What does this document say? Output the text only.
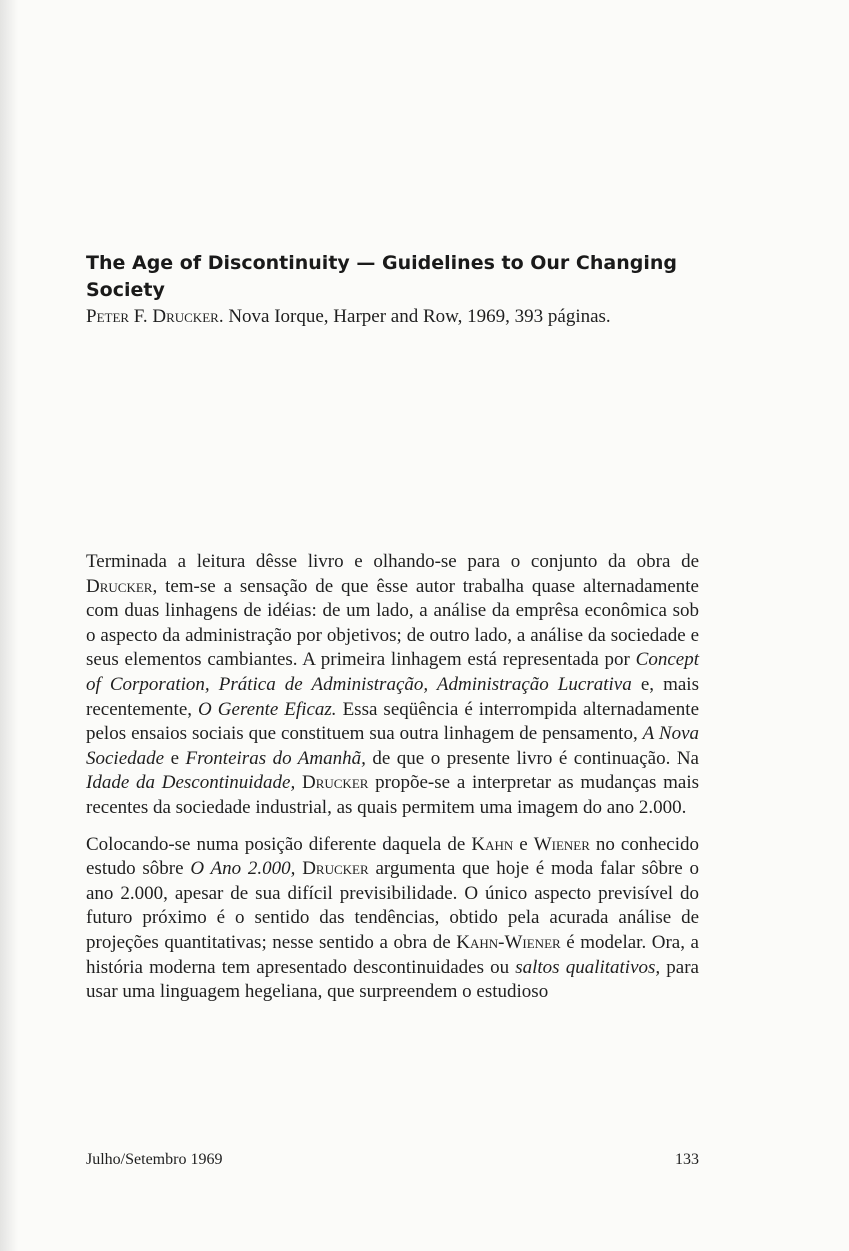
The Age of Discontinuity — Guidelines to Our Changing Society

Peter F. Drucker. Nova Iorque, Harper and Row, 1969, 393 páginas.

Terminada a leitura dêsse livro e olhando-se para o conjunto da obra de Drucker, tem-se a sensação de que êsse autor trabalha quase alternadamente com duas linhagens de idéias: de um lado, a análise da emprêsa econômica sob o aspecto da administração por objetivos; de outro lado, a análise da sociedade e seus elementos cambiantes. A primeira linhagem está representada por Concept of Corporation, Prática de Administração, Administração Lucrativa e, mais recentemente, O Gerente Eficaz. Essa seqüência é interrompida alternadamente pelos ensaios sociais que constituem sua outra linhagem de pensamento, A Nova Sociedade e Fronteiras do Amanhã, de que o presente livro é continuação. Na Idade da Descontinuidade, Drucker propõe-se a interpretar as mudanças mais recentes da sociedade industrial, as quais permitem uma imagem do ano 2.000.

Colocando-se numa posição diferente daquela de Kahn e Wiener no conhecido estudo sôbre O Ano 2.000, Drucker argumenta que hoje é moda falar sôbre o ano 2.000, apesar de sua difícil previsibilidade. O único aspecto previsível do futuro próximo é o sentido das tendências, obtido pela acurada análise de projeções quantitativas; nesse sentido a obra de Kahn-Wiener é modelar. Ora, a história moderna tem apresentado descontinuidades ou saltos qualitativos, para usar uma linguagem hegeliana, que surpreendem o estudioso

Julho/Setembro 1969	133
